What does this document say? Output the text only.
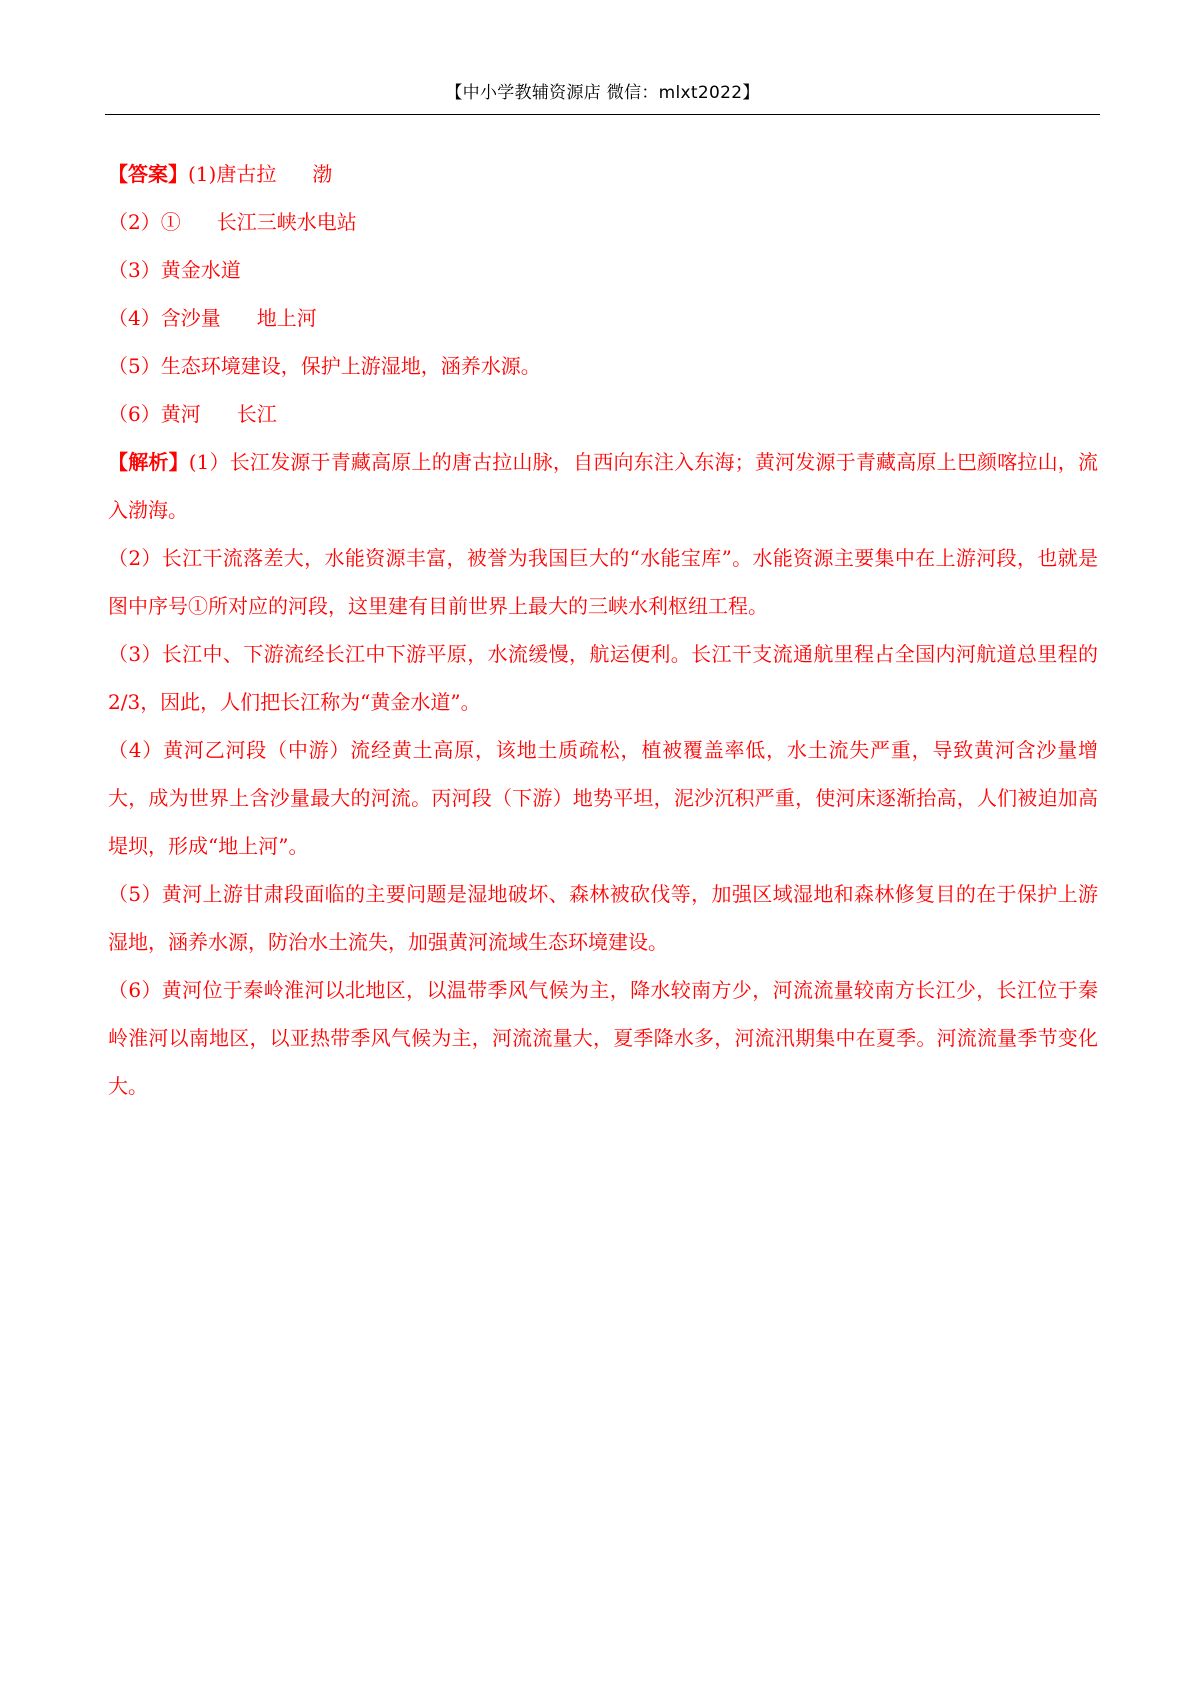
【中小学教辅资源店 微信：mlxt2022】
【答案】(1)唐古拉 渤
（2）① 长江三峡水电站
（3）黄金水道
（4）含沙量 地上河
（5）生态环境建设，保护上游湿地，涵养水源。
（6）黄河 长江

【解析】(1）长江发源于青藏高原上的唐古拉山脉，自西向东注入东海；黄河发源于青藏高原上巴颜喀拉山，流入渤海。

（2）长江干流落差大，水能资源丰富，被誉为我国巨大的“水能宝库”。水能资源主要集中在上游河段，也就是图中序号①所对应的河段，这里建有目前世界上最大的三峡水利枢纽工程。

（3）长江中、下游流经长江中下游平原，水流缓慢，航运便利。长江干支流通航里程占全国内河航道总里程的 2/3，因此，人们把长江称为“黄金水道”。

（4）黄河乙河段（中游）流经黄土高原，该地土质疏松，植被覆盖率低，水土流失严重，导致黄河含沙量增大，成为世界上含沙量最大的河流。丙河段（下游）地势平坦，泥沙沉积严重，使河床逐渐抬高，人们被迫加高堤坝，形成“地上河”。

（5）黄河上游甘肃段面临的主要问题是湿地破坏、森林被砍伐等，加强区域湿地和森林修复目的在于保护上游湿地，涵养水源，防治水土流失，加强黄河流域生态环境建设。

（6）黄河位于秦岭淮河以北地区，以温带季风气候为主，降水较南方少，河流流量较南方长江少，长江位于秦岭淮河以南地区，以亚热带季风气候为主，河流流量大，夏季降水多，河流汛期集中在夏季。河流流量季节变化大。
